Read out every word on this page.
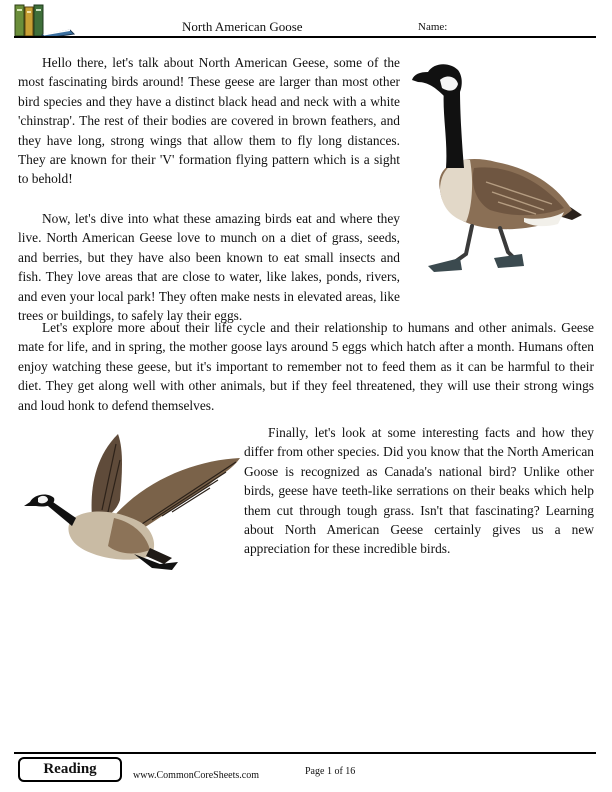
North American Goose	Name:

Hello there, let's talk about North American Geese, some of the most fascinating birds around! These geese are larger than most other bird species and they have a distinct black head and neck with a white 'chinstrap'. The rest of their bodies are covered in brown feathers, and they have long, strong wings that allow them to fly long distances. They are known for their 'V' formation flying pattern which is a sight to behold!

Now, let's dive into what these amazing birds eat and where they live. North American Geese love to munch on a diet of grass, seeds, and berries, but they have also been known to eat small insects and fish. They love areas that are close to water, like lakes, ponds, rivers, and even your local park! They often make nests in elevated areas, like trees or buildings, to safely lay their eggs.

Let's explore more about their life cycle and their relationship to humans and other animals. Geese mate for life, and in spring, the mother goose lays around 5 eggs which hatch after a month. Humans often enjoy watching these geese, but it's important to remember not to feed them as it can be harmful to their diet. They get along well with other animals, but if they feel threatened, they will use their strong wings and loud honk to defend themselves.

Finally, let's look at some interesting facts and how they differ from other species. Did you know that the North American Goose is recognized as Canada's national bird? Unlike other birds, geese have teeth-like serrations on their beaks which help them cut through tough grass. Isn't that fascinating? Learning about North American Geese certainly gives us a new appreciation for these incredible birds.

Reading	www.CommonCoreSheets.com	Page 1 of 16
